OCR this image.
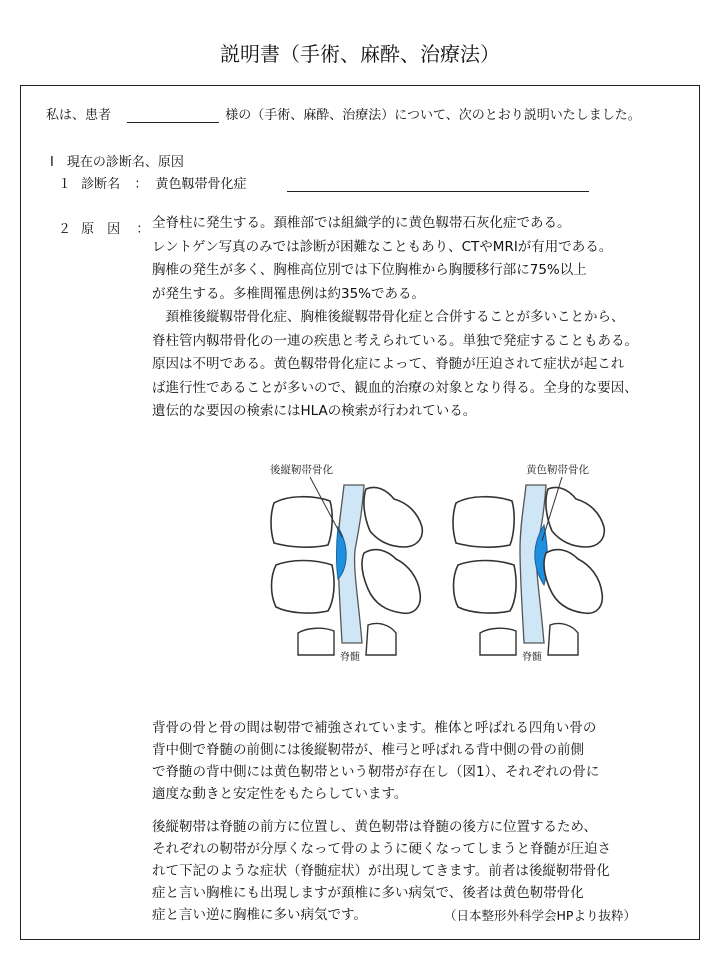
説明書（手術、麻酔、治療法）
私は、患者	様の（手術、麻酔、治療法）について、次のとおり説明いたしました。
Ⅰ　現在の診断名、原因
１ 診断名 ： 黄色靱帯骨化症
２ 原　因 ： 全脊柱に発生する。頚椎部では組織学的に黄色靱帯石灰化症である。
レントゲン写真のみでは診断が困難なこともあり、CTやMRIが有用である。
胸椎の発生が多く、胸椎高位別では下位胸椎から胸腰移行部に75%以上
が発生する。多椎間罹患例は約35%である。
　頚椎後縦靱帯骨化症、胸椎後縦靱帯骨化症と合併することが多いことから、
脊柱管内靱帯骨化の一連の疾患と考えられている。単独で発症することもある。
原因は不明である。黄色靱帯骨化症によって、脊髄が圧迫されて症状が起これ
ば進行性であることが多いので、観血的治療の対象となり得る。全身的な要因、
遺伝的な要因の検索にはHLAの検索が行われている。
後縦靭帯骨化
脊髄
黄色靭帯骨化
脊髄
背骨の骨と骨の間は靭帯で補強されています。椎体と呼ばれる四角い骨の
背中側で脊髄の前側には後縦靭帯が、椎弓と呼ばれる背中側の骨の前側
で脊髄の背中側には黄色靭帯という靭帯が存在し（図1）、それぞれの骨に
適度な動きと安定性をもたらしています。
後縦靭帯は脊髄の前方に位置し、黄色靭帯は脊髄の後方に位置するため、
それぞれの靭帯が分厚くなって骨のように硬くなってしまうと脊髄が圧迫さ
れて下記のような症状（脊髄症状）が出現してきます。前者は後縦靭帯骨化
症と言い胸椎にも出現しますが頚椎に多い病気で、後者は黄色靭帯骨化
症と言い逆に胸椎に多い病気です。	（日本整形外科学会HPより抜粋）
